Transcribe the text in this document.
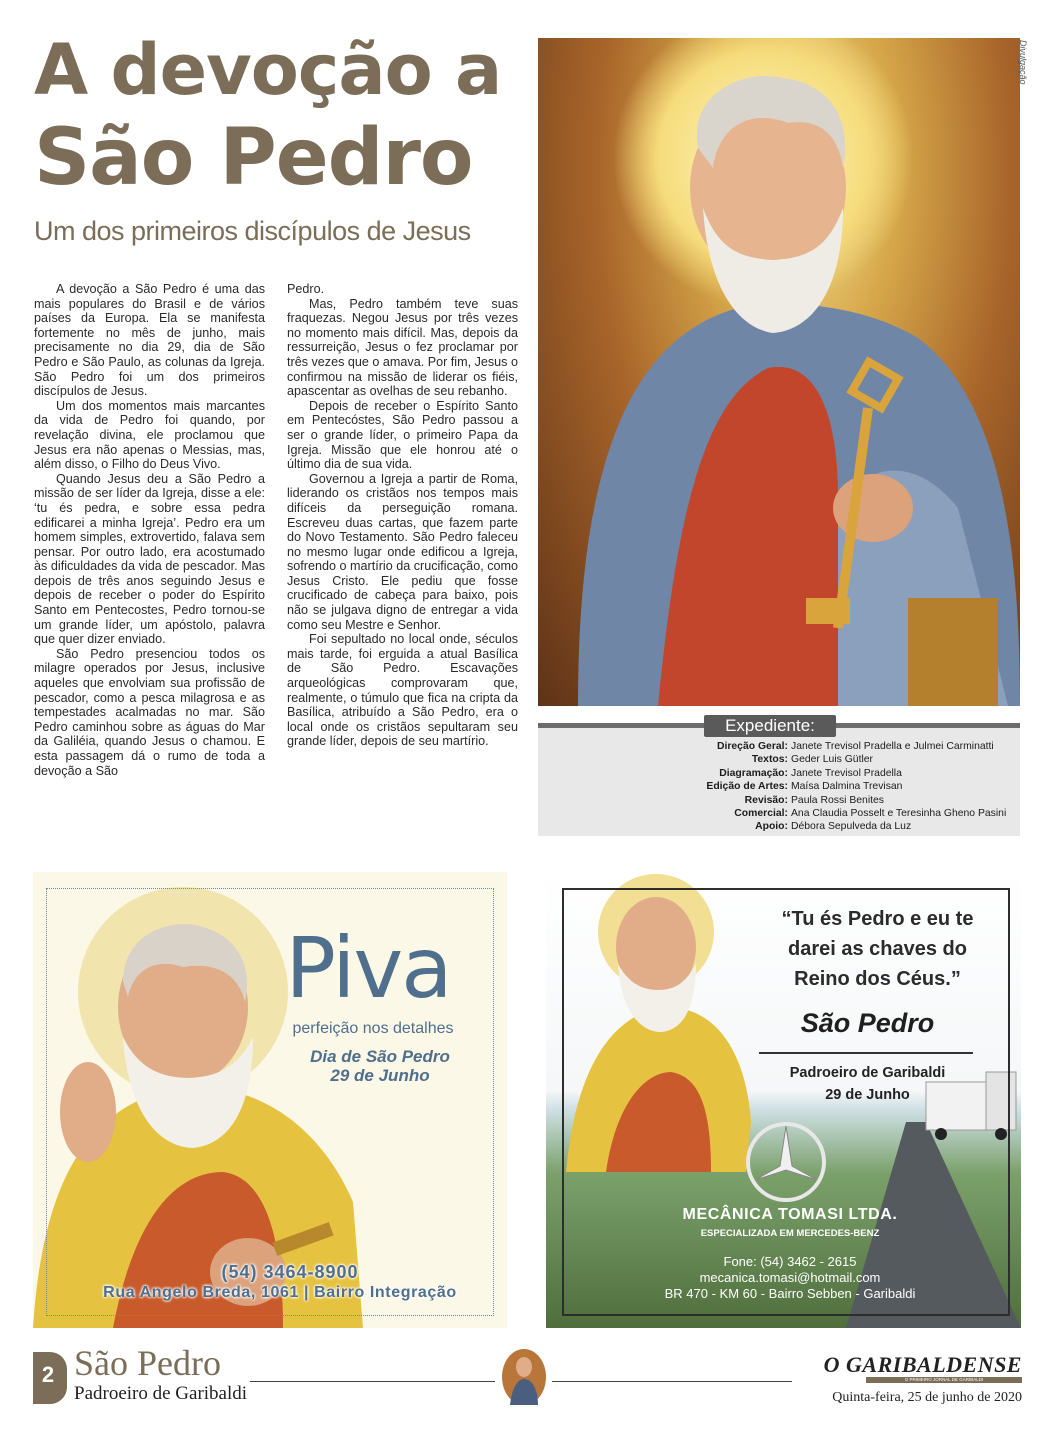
A devoção a
São Pedro
Um dos primeiros discípulos de Jesus

A devoção a São Pedro é uma das mais populares do Brasil e de vários países da Europa. Ela se manifesta fortemente no mês de junho, mais precisamente no dia 29, dia de São Pedro e São Paulo, as colunas da Igreja. São Pedro foi um dos primeiros discípulos de Jesus.

Um dos momentos mais marcantes da vida de Pedro foi quando, por revelação divina, ele proclamou que Jesus era não apenas o Messias, mas, além disso, o Filho do Deus Vivo.

Quando Jesus deu a São Pedro a missão de ser líder da Igreja, disse a ele: ‘tu és pedra, e sobre essa pedra edificarei a minha Igreja’. Pedro era um homem simples, extrovertido, falava sem pensar. Por outro lado, era acostumado às dificuldades da vida de pescador. Mas depois de três anos seguindo Jesus e depois de receber o poder do Espírito Santo em Pentecostes, Pedro tornou-se um grande líder, um apóstolo, palavra que quer dizer enviado.

São Pedro presenciou todos os milagre operados por Jesus, inclusive aqueles que envolviam sua profissão de pescador, como a pesca milagrosa e as tempestades acalmadas no mar. São Pedro caminhou sobre as águas do Mar da Galiléia, quando Jesus o chamou. E esta passagem dá o rumo de toda a devoção a São

Pedro.

Mas, Pedro também teve suas fraquezas. Negou Jesus por três vezes no momento mais difícil. Mas, depois da ressurreição, Jesus o fez proclamar por três vezes que o amava. Por fim, Jesus o confirmou na missão de liderar os fiéis, apascentar as ovelhas de seu rebanho.

Depois de receber o Espírito Santo em Pentecóstes, São Pedro passou a ser o grande líder, o primeiro Papa da Igreja. Missão que ele honrou até o último dia de sua vida.

Governou a Igreja a partir de Roma, liderando os cristãos nos tempos mais difíceis da perseguição romana. Escreveu duas cartas, que fazem parte do Novo Testamento. São Pedro faleceu no mesmo lugar onde edificou a Igreja, sofrendo o martírio da crucificação, como Jesus Cristo. Ele pediu que fosse crucificado de cabeça para baixo, pois não se julgava digno de entregar a vida como seu Mestre e Senhor.

Foi sepultado no local onde, séculos mais tarde, foi erguida a atual Basílica de São Pedro. Escavações arqueológicas comprovaram que, realmente, o túmulo que fica na cripta da Basílica, atribuído a São Pedro, era o local onde os cristãos sepultaram seu grande líder, depois de seu martírio.

Divulgação
Expediente:
Direção Geral: Janete Trevisol Pradella e Julmei Carminatti
Textos: Geder Luis Gütler
Diagramação: Janete Trevisol Pradella
Edição de Artes: Maísa Dalmina Trevisan
Revisão: Paula Rossi Benites
Comercial: Ana Claudia Posselt e Teresinha Gheno Pasini
Apoio: Débora Sepulveda da Luz
Piva
perfeição nos detalhes
Dia de São Pedro
29 de Junho
(54) 3464-8900
Rua Angelo Breda, 1061 | Bairro Integração
“Tu és Pedro e eu te
darei as chaves do
Reino dos Céus.”
São Pedro
Padroeiro de Garibaldi
29 de Junho
MECÂNICA TOMASI LTDA.
ESPECIALIZADA EM MERCEDES-BENZ
Fone: (54) 3462 - 2615
mecanica.tomasi@hotmail.com
BR 470 - KM 60 - Bairro Sebben - Garibaldi
2 São Pedro
Padroeiro de Garibaldi
O GARIBALDENSE
O PRIMEIRO JORNAL DE GARIBALDI
Quinta-feira, 25 de junho de 2020
